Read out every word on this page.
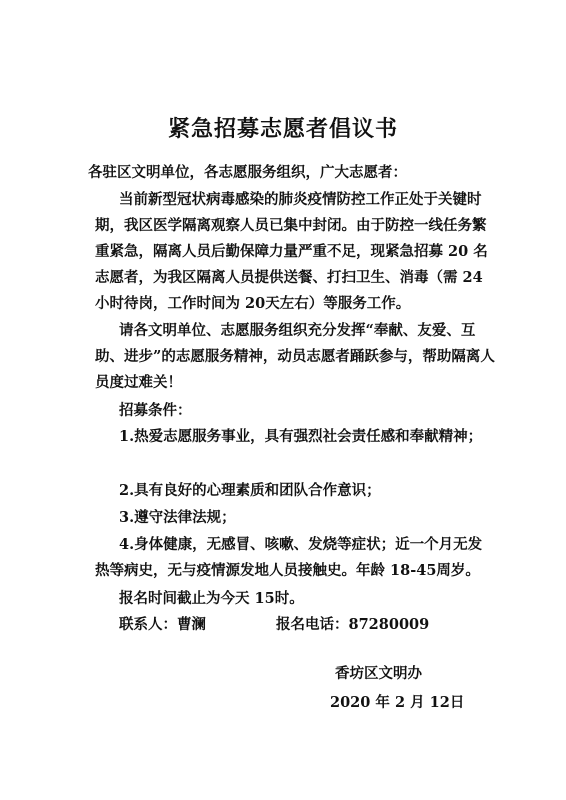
紧急招募志愿者倡议书
各驻区文明单位，各志愿服务组织，广大志愿者：
当前新型冠状病毒感染的肺炎疫情防控工作正处于关键时期，我区医学隔离观察人员已集中封闭。由于防控一线任务繁重紧急，隔离人员后勤保障力量严重不足，现紧急招募 20 名志愿者，为我区隔离人员提供送餐、打扫卫生、消毒（需 24 小时待岗，工作时间为 20天左右）等服务工作。
请各文明单位、志愿服务组织充分发挥“奉献、友爱、互助、进步”的志愿服务精神，动员志愿者踊跃参与，帮助隔离人员度过难关！
招募条件：
1.热爱志愿服务事业，具有强烈社会责任感和奉献精神；
2.具有良好的心理素质和团队合作意识；
3.遵守法律法规；
4.身体健康，无感冒、咳嗽、发烧等症状；近一个月无发热等病史，无与疫情源发地人员接触史。年龄 18-45周岁。
报名时间截止为今天 15时。
联系人：曹澜	报名电话：87280009
香坊区文明办
2020 年 2 月 12日
